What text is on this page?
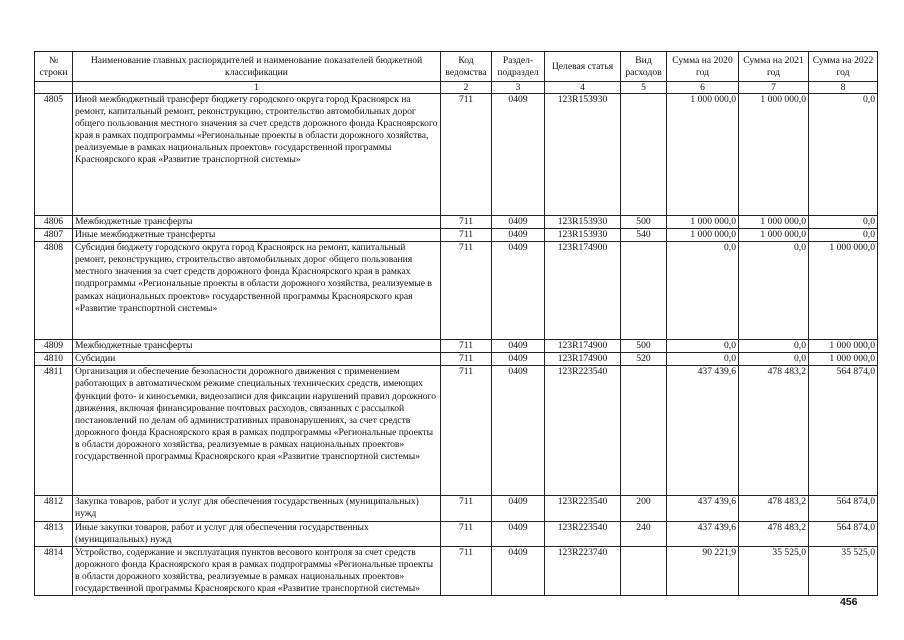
№ строки	Наименование главных распорядителей и наименование показателей бюджетной классификации	Код ведомства	Раздел-подраздел	Целевая статья	Вид расходов	Сумма на 2020 год	Сумма на 2021 год	Сумма на 2022 год
	1	2	3	4	5	6	7	8
4805	Иной межбюджетный трансферт бюджету городского округа город Красноярск на ремонт, капитальный ремонт, реконструкцию, строительство автомобильных дорог общего пользования местного значения за счет средств дорожного фонда Красноярского края в рамках подпрограммы «Региональные проекты в области дорожного хозяйства, реализуемые в рамках национальных проектов» государственной программы Красноярского края «Развитие транспортной системы»	711	0409	123R153930		1 000 000,0	1 000 000,0	0,0
4806	Межбюджетные трансферты	711	0409	123R153930	500	1 000 000,0	1 000 000,0	0,0
4807	Иные межбюджетные трансферты	711	0409	123R153930	540	1 000 000,0	1 000 000,0	0,0
4808	Субсидия бюджету городского округа город Красноярск на ремонт, капитальный ремонт, реконструкцию, строительство автомобильных дорог общего пользования местного значения за счет средств дорожного фонда Красноярского края в рамках подпрограммы «Региональные проекты в области дорожного хозяйства, реализуемые в рамках национальных проектов» государственной программы Красноярского края «Развитие транспортной системы»	711	0409	123R174900		0,0	0,0	1 000 000,0
4809	Межбюджетные трансферты	711	0409	123R174900	500	0,0	0,0	1 000 000,0
4810	Субсидии	711	0409	123R174900	520	0,0	0,0	1 000 000,0
4811	Организация и обеспечение безопасности дорожного движения с применением работающих в автоматическом режиме специальных технических средств, имеющих функции фото- и киносъемки, видеозаписи для фиксации нарушений правил дорожного движения, включая финансирование почтовых расходов, связанных с рассылкой постановлений по делам об административных правонарушениях, за счет средств дорожного фонда Красноярского края в рамках подпрограммы «Региональные проекты в области дорожного хозяйства, реализуемые в рамках национальных проектов» государственной программы Красноярского края «Развитие транспортной системы»	711	0409	123R223540		437 439,6	478 483,2	564 874,0
4812	Закупка товаров, работ и услуг для обеспечения государственных (муниципальных) нужд	711	0409	123R223540	200	437 439,6	478 483,2	564 874,0
4813	Иные закупки товаров, работ и услуг для обеспечения государственных (муниципальных) нужд	711	0409	123R223540	240	437 439,6	478 483,2	564 874,0
4814	Устройство, содержание и эксплуатация пунктов весового контроля за счет средств дорожного фонда Красноярского края в рамках подпрограммы «Региональные проекты в области дорожного хозяйства, реализуемые в рамках национальных проектов» государственной программы Красноярского края «Развитие транспортной системы»	711	0409	123R223740		90 221,9	35 525,0	35 525,0
456
